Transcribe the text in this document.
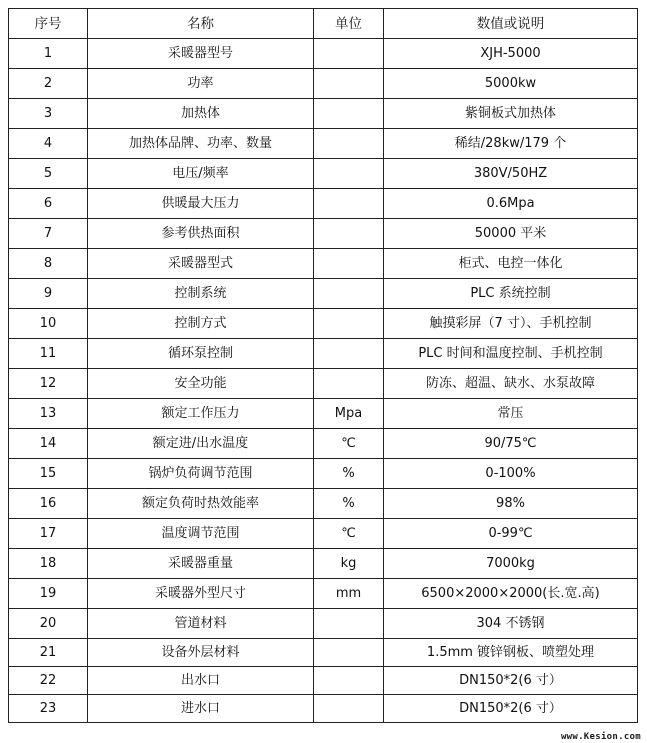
序号	名称	单位	数值或说明
1	采暖器型号		XJH-5000
2	功率		5000kw
3	加热体		紫铜板式加热体
4	加热体品牌、功率、数量		稀结/28kw/179 个
5	电压/频率		380V/50HZ
6	供暖最大压力		0.6Mpa
7	参考供热面积		50000 平米
8	采暖器型式		柜式、电控一体化
9	控制系统		PLC 系统控制
10	控制方式		触摸彩屏（7 寸）、手机控制
11	循环泵控制		PLC 时间和温度控制、手机控制
12	安全功能		防冻、超温、缺水、水泵故障
13	额定工作压力	Mpa	常压
14	额定进/出水温度	℃	90/75℃
15	锅炉负荷调节范围	%	0-100%
16	额定负荷时热效能率	%	98%
17	温度调节范围	℃	0-99℃
18	采暖器重量	kg	7000kg
19	采暖器外型尺寸	mm	6500×2000×2000(长.宽.高)
20	管道材料		304 不锈钢
21	设备外层材料		1.5mm 镀锌钢板、喷塑处理
22	出水口		DN150*2(6 寸）
23	进水口		DN150*2(6 寸）
www.Kesion.com
